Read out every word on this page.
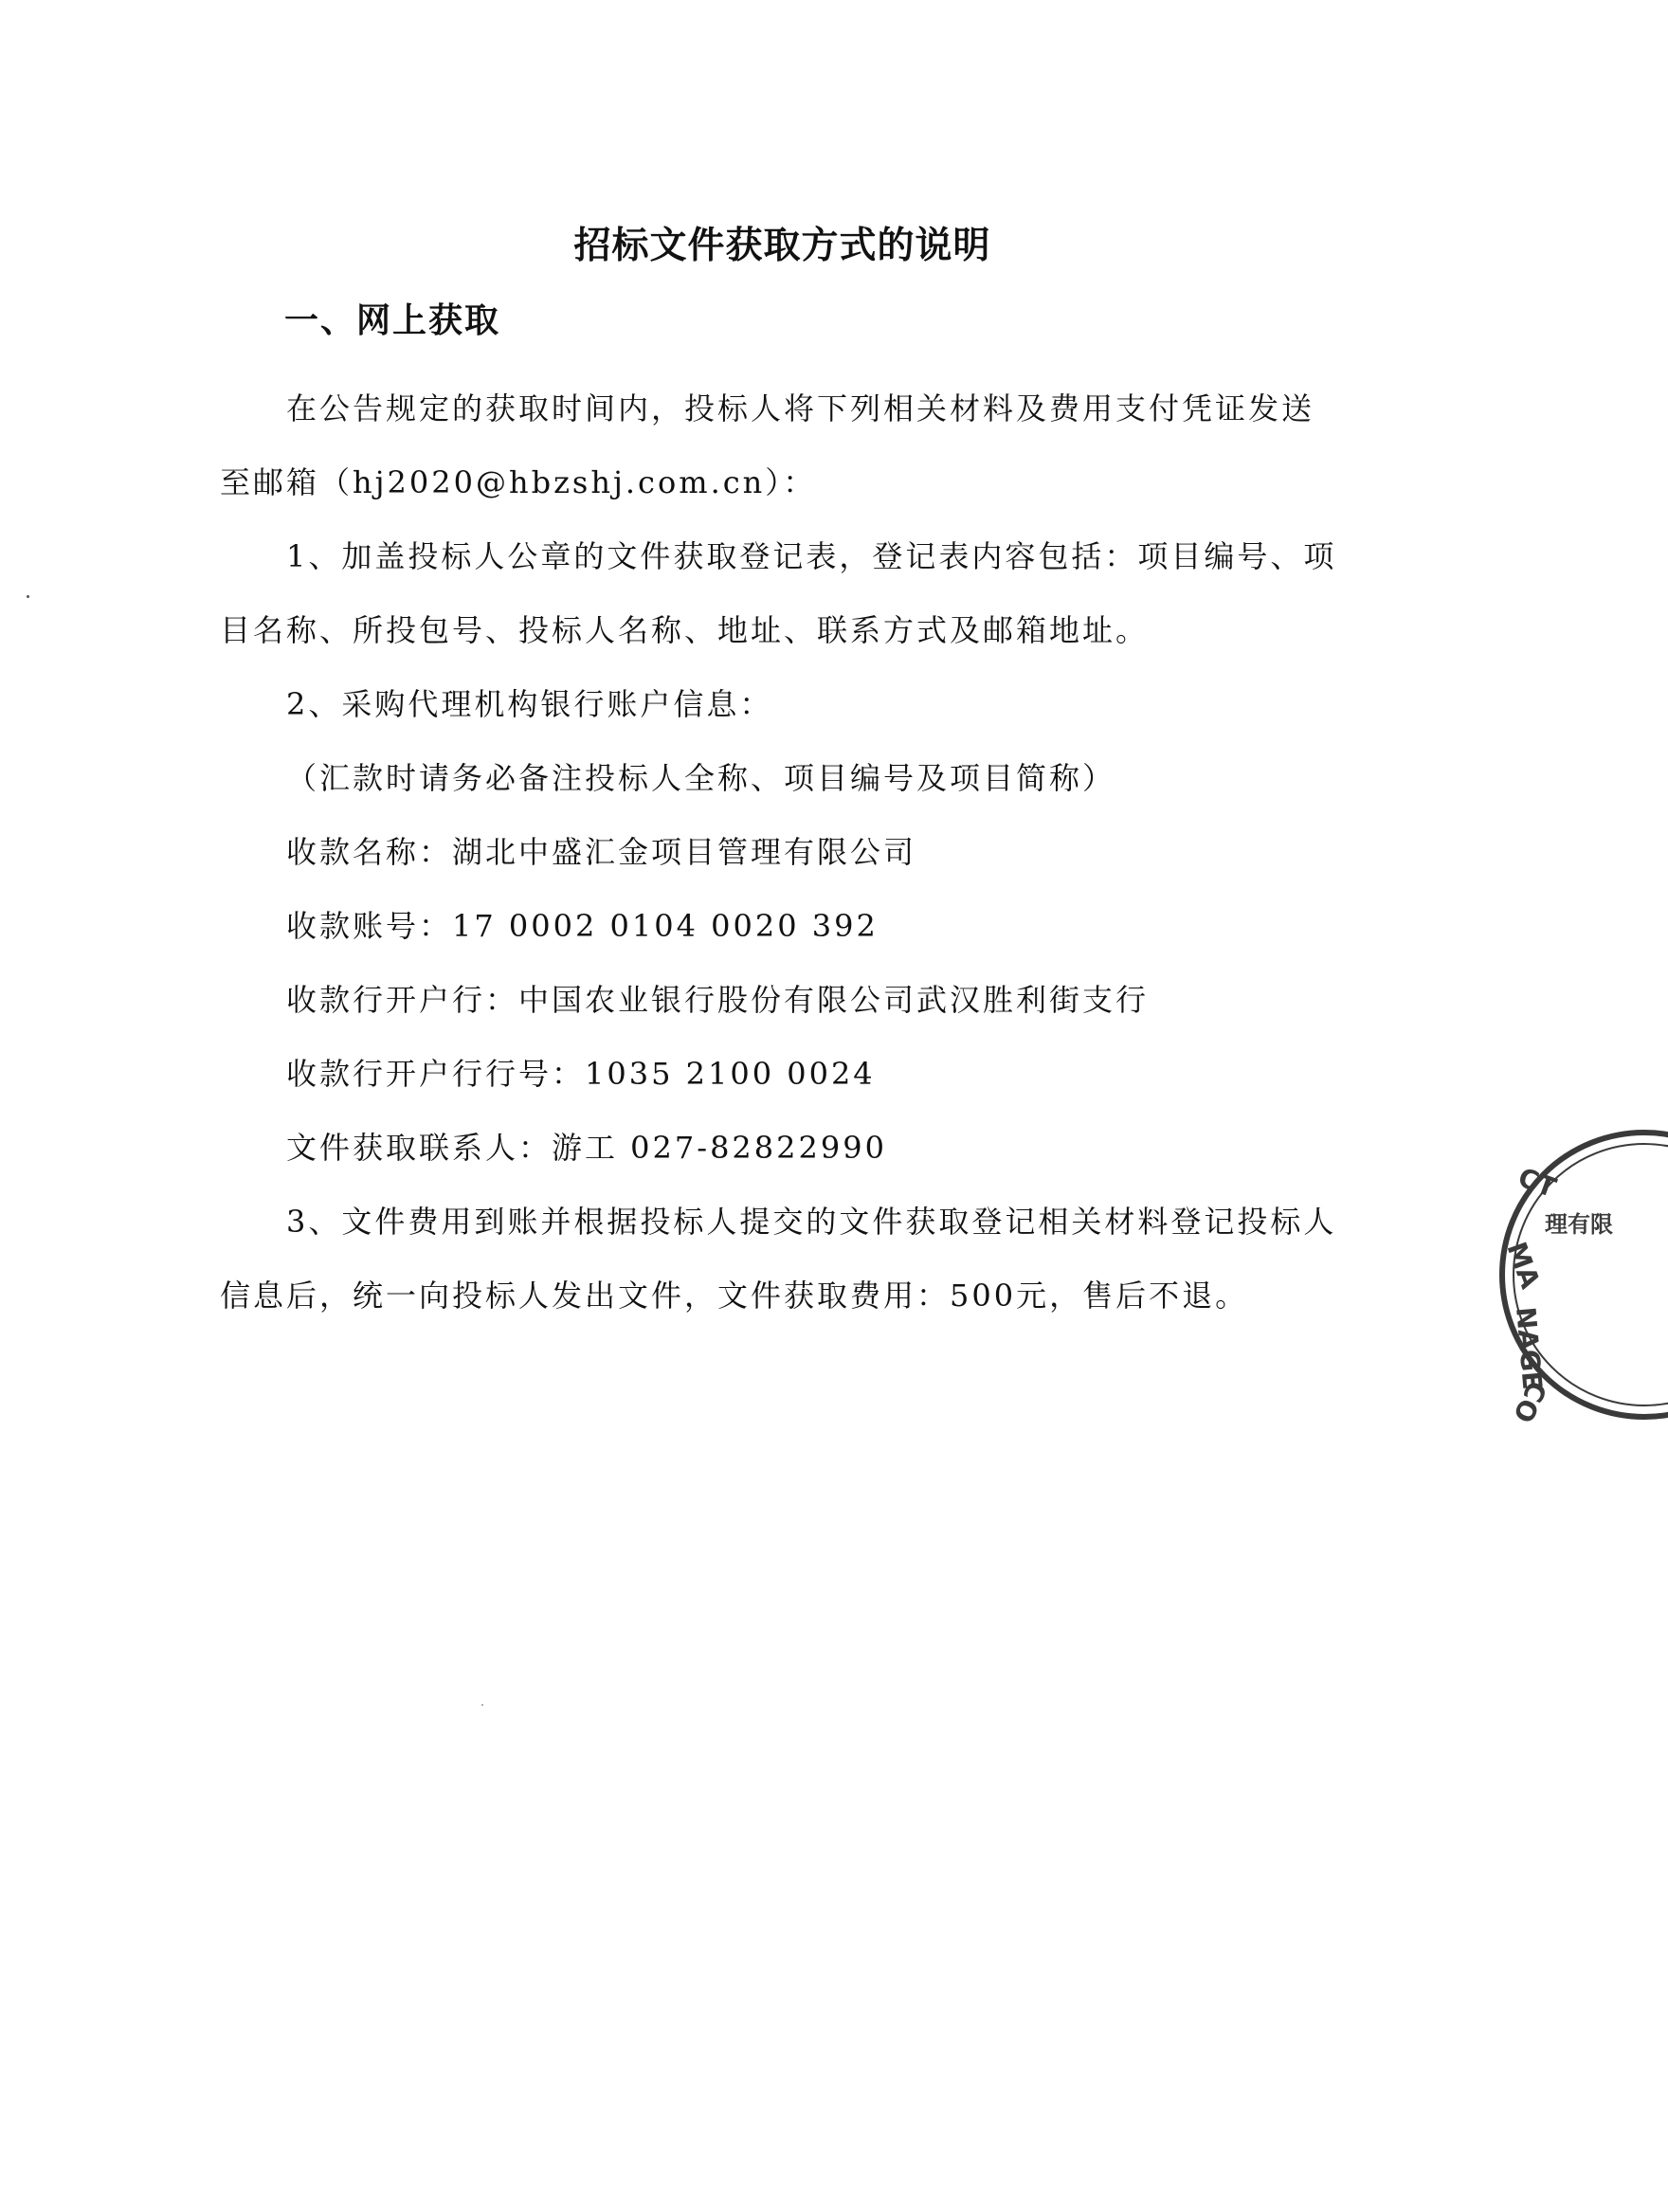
招标文件获取方式的说明
一、网上获取

在公告规定的获取时间内，投标人将下列相关材料及费用支付凭证发送至邮箱（hj2020@hbzshj.com.cn）：

1、加盖投标人公章的文件获取登记表，登记表内容包括：项目编号、项目名称、所投包号、投标人名称、地址、联系方式及邮箱地址。

2、采购代理机构银行账户信息：

（汇款时请务必备注投标人全称、项目编号及项目简称）

收款名称：湖北中盛汇金项目管理有限公司

收款账号：17 0002 0104 0020 392

收款行开户行：中国农业银行股份有限公司武汉胜利街支行

收款行开户行行号：1035 2100 0024

文件获取联系人：游工 027-82822990

3、文件费用到账并根据投标人提交的文件获取登记相关材料登记投标人信息后，统一向投标人发出文件，文件获取费用：500元，售后不退。

CT
MA
NAGE
CO
理有限
